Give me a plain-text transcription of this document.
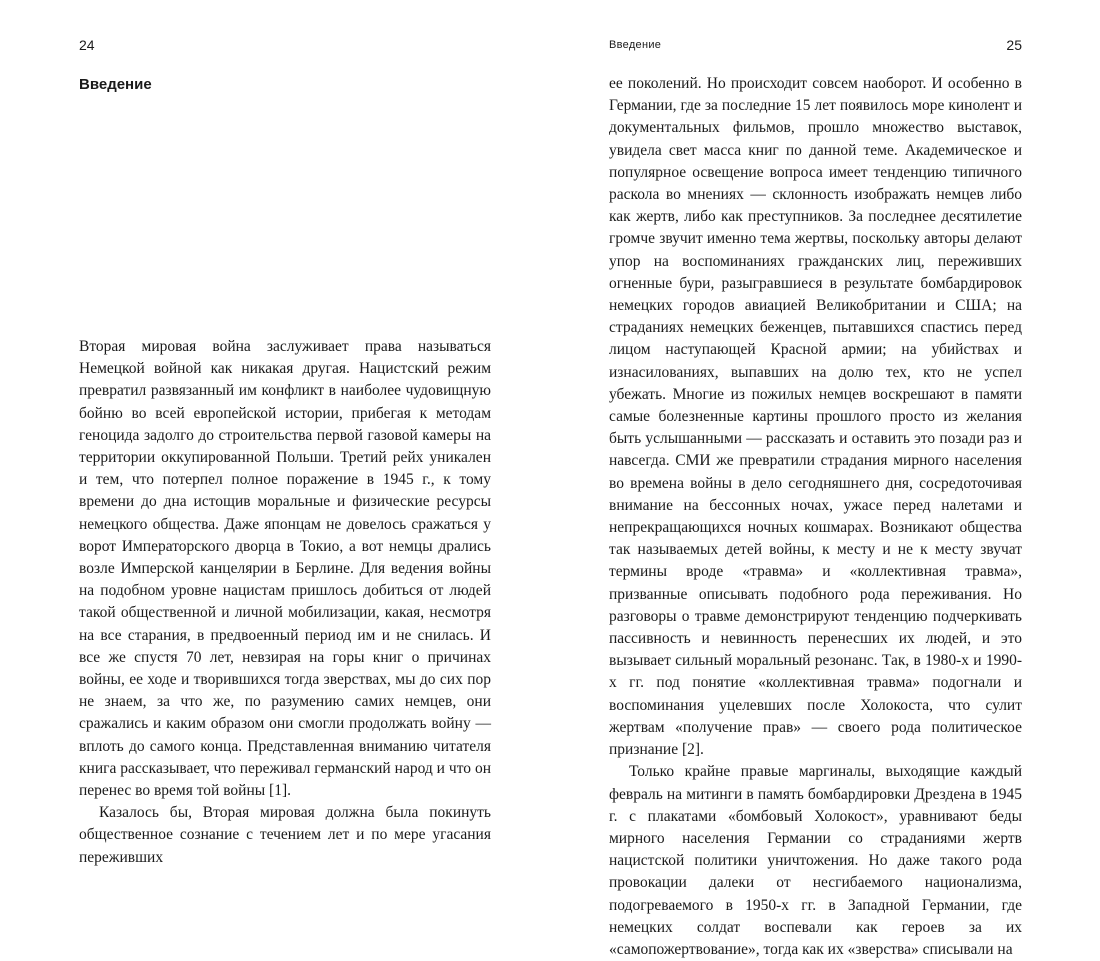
24
Введение

Вторая мировая война заслуживает права называться Немецкой войной как никакая другая. Нацистский режим превратил развязанный им конфликт в наиболее чудовищную бойню во всей европейской истории, прибегая к методам геноцида задолго до строительства первой газовой камеры на территории оккупированной Польши. Третий рейх уникален и тем, что потерпел полное поражение в 1945 г., к тому времени до дна истощив моральные и физические ресурсы немецкого общества. Даже японцам не довелось сражаться у ворот Императорского дворца в Токио, а вот немцы дрались возле Имперской канцелярии в Берлине. Для ведения войны на подобном уровне нацистам пришлось добиться от людей такой общественной и личной мобилизации, какая, несмотря на все старания, в предвоенный период им и не снилась. И все же спустя 70 лет, невзирая на горы книг о причинах войны, ее ходе и творившихся тогда зверствах, мы до сих пор не знаем, за что же, по разумению самих немцев, они сражались и каким образом они смогли продолжать войну — вплоть до самого конца. Представленная вниманию читателя книга рассказывает, что переживал германский народ и что он перенес во время той войны [1].

Казалось бы, Вторая мировая должна была покинуть общественное сознание с течением лет и по мере угасания переживших

Введение	25

ее поколений. Но происходит совсем наоборот. И особенно в Германии, где за последние 15 лет появилось море кинолент и документальных фильмов, прошло множество выставок, увидела свет масса книг по данной теме. Академическое и популярное освещение вопроса имеет тенденцию типичного раскола во мнениях — склонность изображать немцев либо как жертв, либо как преступников. За последнее десятилетие громче звучит именно тема жертвы, поскольку авторы делают упор на воспоминаниях гражданских лиц, переживших огненные бури, разыгравшиеся в результате бомбардировок немецких городов авиацией Великобритании и США; на страданиях немецких беженцев, пытавшихся спастись перед лицом наступающей Красной армии; на убийствах и изнасилованиях, выпавших на долю тех, кто не успел убежать. Многие из пожилых немцев воскрешают в памяти самые болезненные картины прошлого просто из желания быть услышанными — рассказать и оставить это позади раз и навсегда. СМИ же превратили страдания мирного населения во времена войны в дело сегодняшнего дня, сосредоточивая внимание на бессонных ночах, ужасе перед налетами и непрекращающихся ночных кошмарах. Возникают общества так называемых детей войны, к месту и не к месту звучат термины вроде «травма» и «коллективная травма», призванные описывать подобного рода переживания. Но разговоры о травме демонстрируют тенденцию подчеркивать пассивность и невинность перенесших их людей, и это вызывает сильный моральный резонанс. Так, в 1980-х и 1990-х гг. под понятие «коллективная травма» подогнали и воспоминания уцелевших после Холокоста, что сулит жертвам «получение прав» — своего рода политическое признание [2].

Только крайне правые маргиналы, выходящие каждый февраль на митинги в память бомбардировки Дрездена в 1945 г. с плакатами «бомбовый Холокост», уравнивают беды мирного населения Германии со страданиями жертв нацистской политики уничтожения. Но даже такого рода провокации далеки от несгибаемого национализма, подогреваемого в 1950-х гг. в Западной Германии, где немецких солдат воспевали как героев за их «самопожертвование», тогда как их «зверства» списывали на
